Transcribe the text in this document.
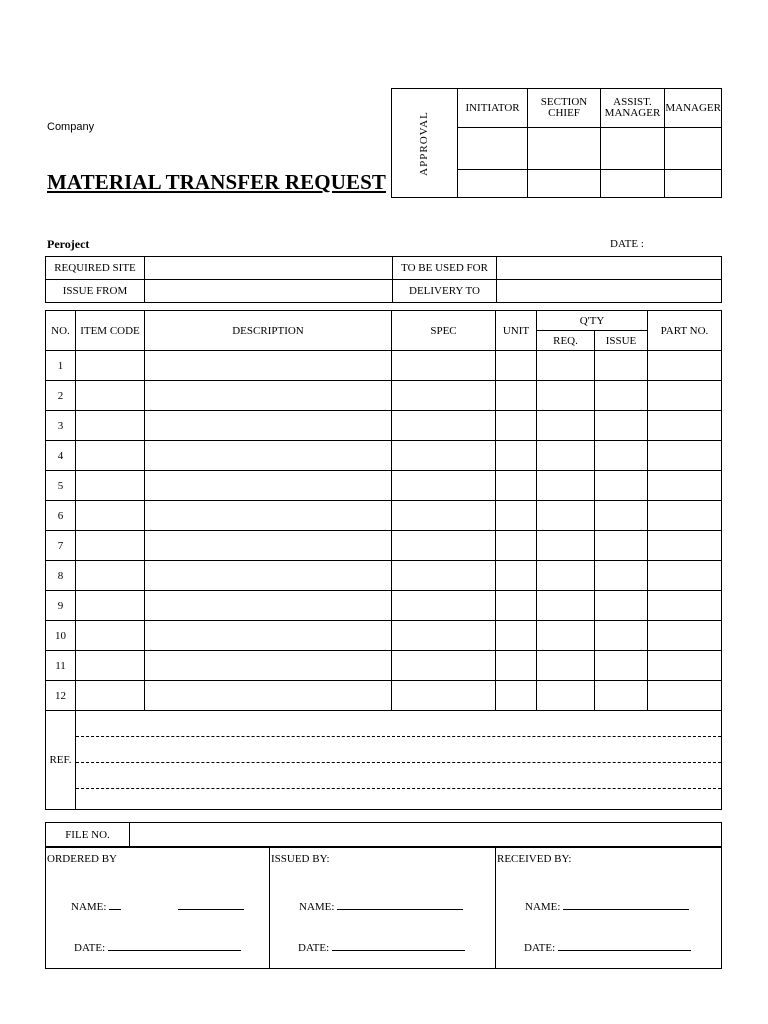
Company
MATERIAL TRANSFER REQUEST
APPROVAL	INITIATOR	SECTION CHIEF	ASSIST. MANAGER	MANAGER

Peroject	DATE :
REQUIRED SITE		TO BE USED FOR	
ISSUE FROM		DELIVERY TO	
NO.	ITEM CODE	DESCRIPTION	SPEC	UNIT	Q'TY		PART NO.
					REQ.	ISSUE	
1							
2							
3							
4							
5							
6							
7							
8							
9							
10							
11							
12							
REF.							
FILE NO.	
ORDERED BY
NAME:
DATE:

ISSUED BY:
NAME:
DATE:

RECEIVED BY:
NAME:
DATE:
